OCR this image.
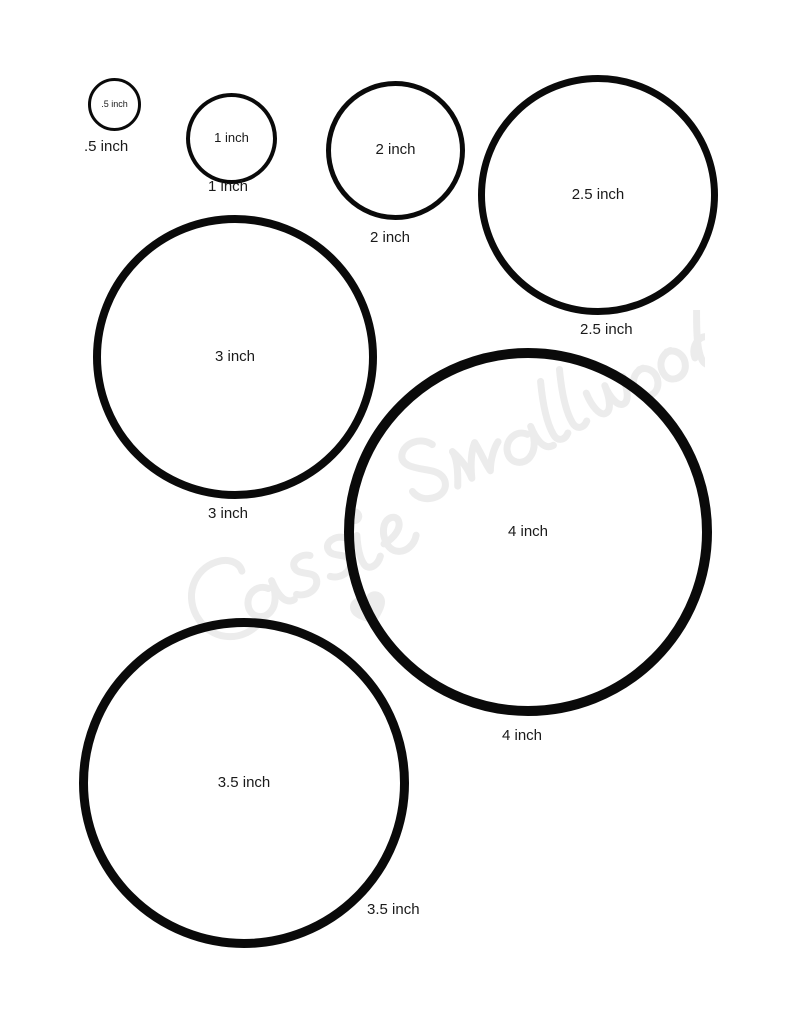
.5 inch
.5 inch
1 inch
1 inch
2 inch
2 inch
2.5 inch
2.5 inch
3 inch
3 inch
4 inch
4 inch
3.5 inch
3.5 inch
